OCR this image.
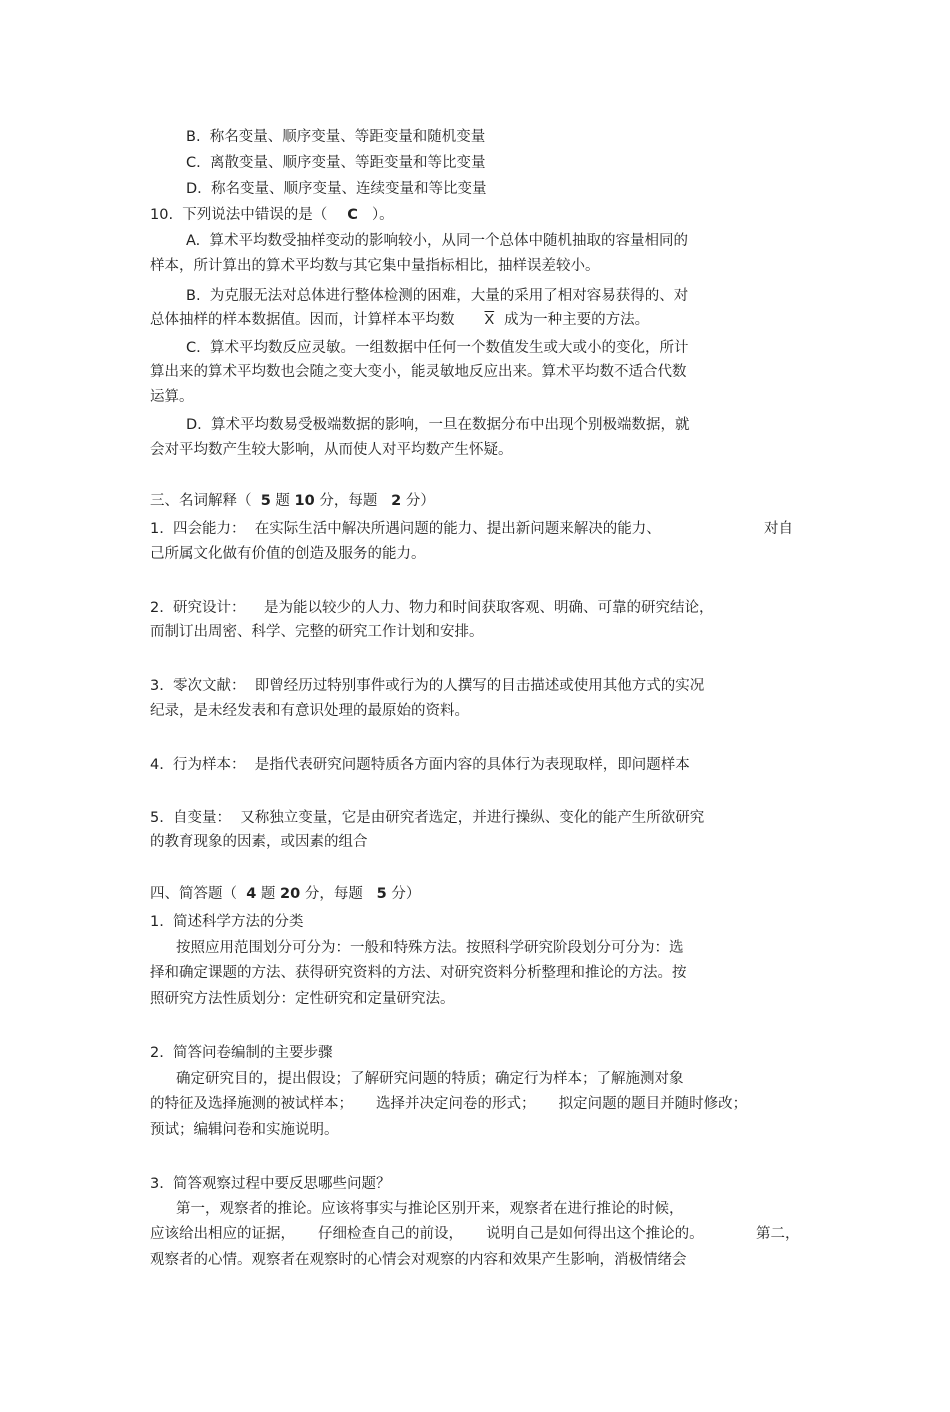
B.  称名变量、顺序变量、等距变量和随机变量
C.  离散变量、顺序变量、等距变量和等比变量
D.  称名变量、顺序变量、连续变量和等比变量
10.  下列说法中错误的是（ C ）。
A.  算术平均数受抽样变动的影响较小，从同一个总体中随机抽取的容量相同的
样本，所计算出的算术平均数与其它集中量指标相比，抽样误差较小。
B.  为克服无法对总体进行整体检测的困难，大量的采用了相对容易获得的、对
总体抽样的样本数据值。因而，计算样本平均数 $\overline{X}$ 成为一种主要的方法。
C.  算术平均数反应灵敏。一组数据中任何一个数值发生或大或小的变化，所计
算出来的算术平均数也会随之变大变小，能灵敏地反应出来。算术平均数不适合代数
运算。
D.  算术平均数易受极端数据的影响，一旦在数据分布中出现个别极端数据，就
会对平均数产生较大影响，从而使人对平均数产生怀疑。
三、名词解释（ 5 题 10 分，每题 2 分）
1.  四会能力：  在实际生活中解决所遇问题的能力、提出新问题来解决的能力、	对自
己所属文化做有价值的创造及服务的能力。
2.  研究设计：    是为能以较少的人力、物力和时间获取客观、明确、可靠的研究结论，
而制订出周密、科学、完整的研究工作计划和安排。
3.  零次文献：  即曾经历过特别事件或行为的人撰写的目击描述或使用其他方式的实况
纪录，是未经发表和有意识处理的最原始的资料。
4.  行为样本：  是指代表研究问题特质各方面内容的具体行为表现取样，即问题样本
5.  自变量：  又称独立变量，它是由研究者选定，并进行操纵、变化的能产生所欲研究
的教育现象的因素，或因素的组合
四、简答题（ 4 题 20 分，每题 5 分）
1.  简述科学方法的分类
按照应用范围划分可分为：一般和特殊方法。按照科学研究阶段划分可分为：选
择和确定课题的方法、获得研究资料的方法、对研究资料分析整理和推论的方法。按
照研究方法性质划分：定性研究和定量研究法。
2.  简答问卷编制的主要步骤
确定研究目的，提出假设；了解研究问题的特质；确定行为样本；了解施测对象
的特征及选择施测的被试样本；     选择并决定问卷的形式；     拟定问题的题目并随时修改；
预试；编辑问卷和实施说明。
3.  简答观察过程中要反思哪些问题？
第一，观察者的推论。应该将事实与推论区别开来，观察者在进行推论的时候，
应该给出相应的证据，     仔细检查自己的前设，     说明自己是如何得出这个推论的。	第二，
观察者的心情。观察者在观察时的心情会对观察的内容和效果产生影响，消极情绪会
